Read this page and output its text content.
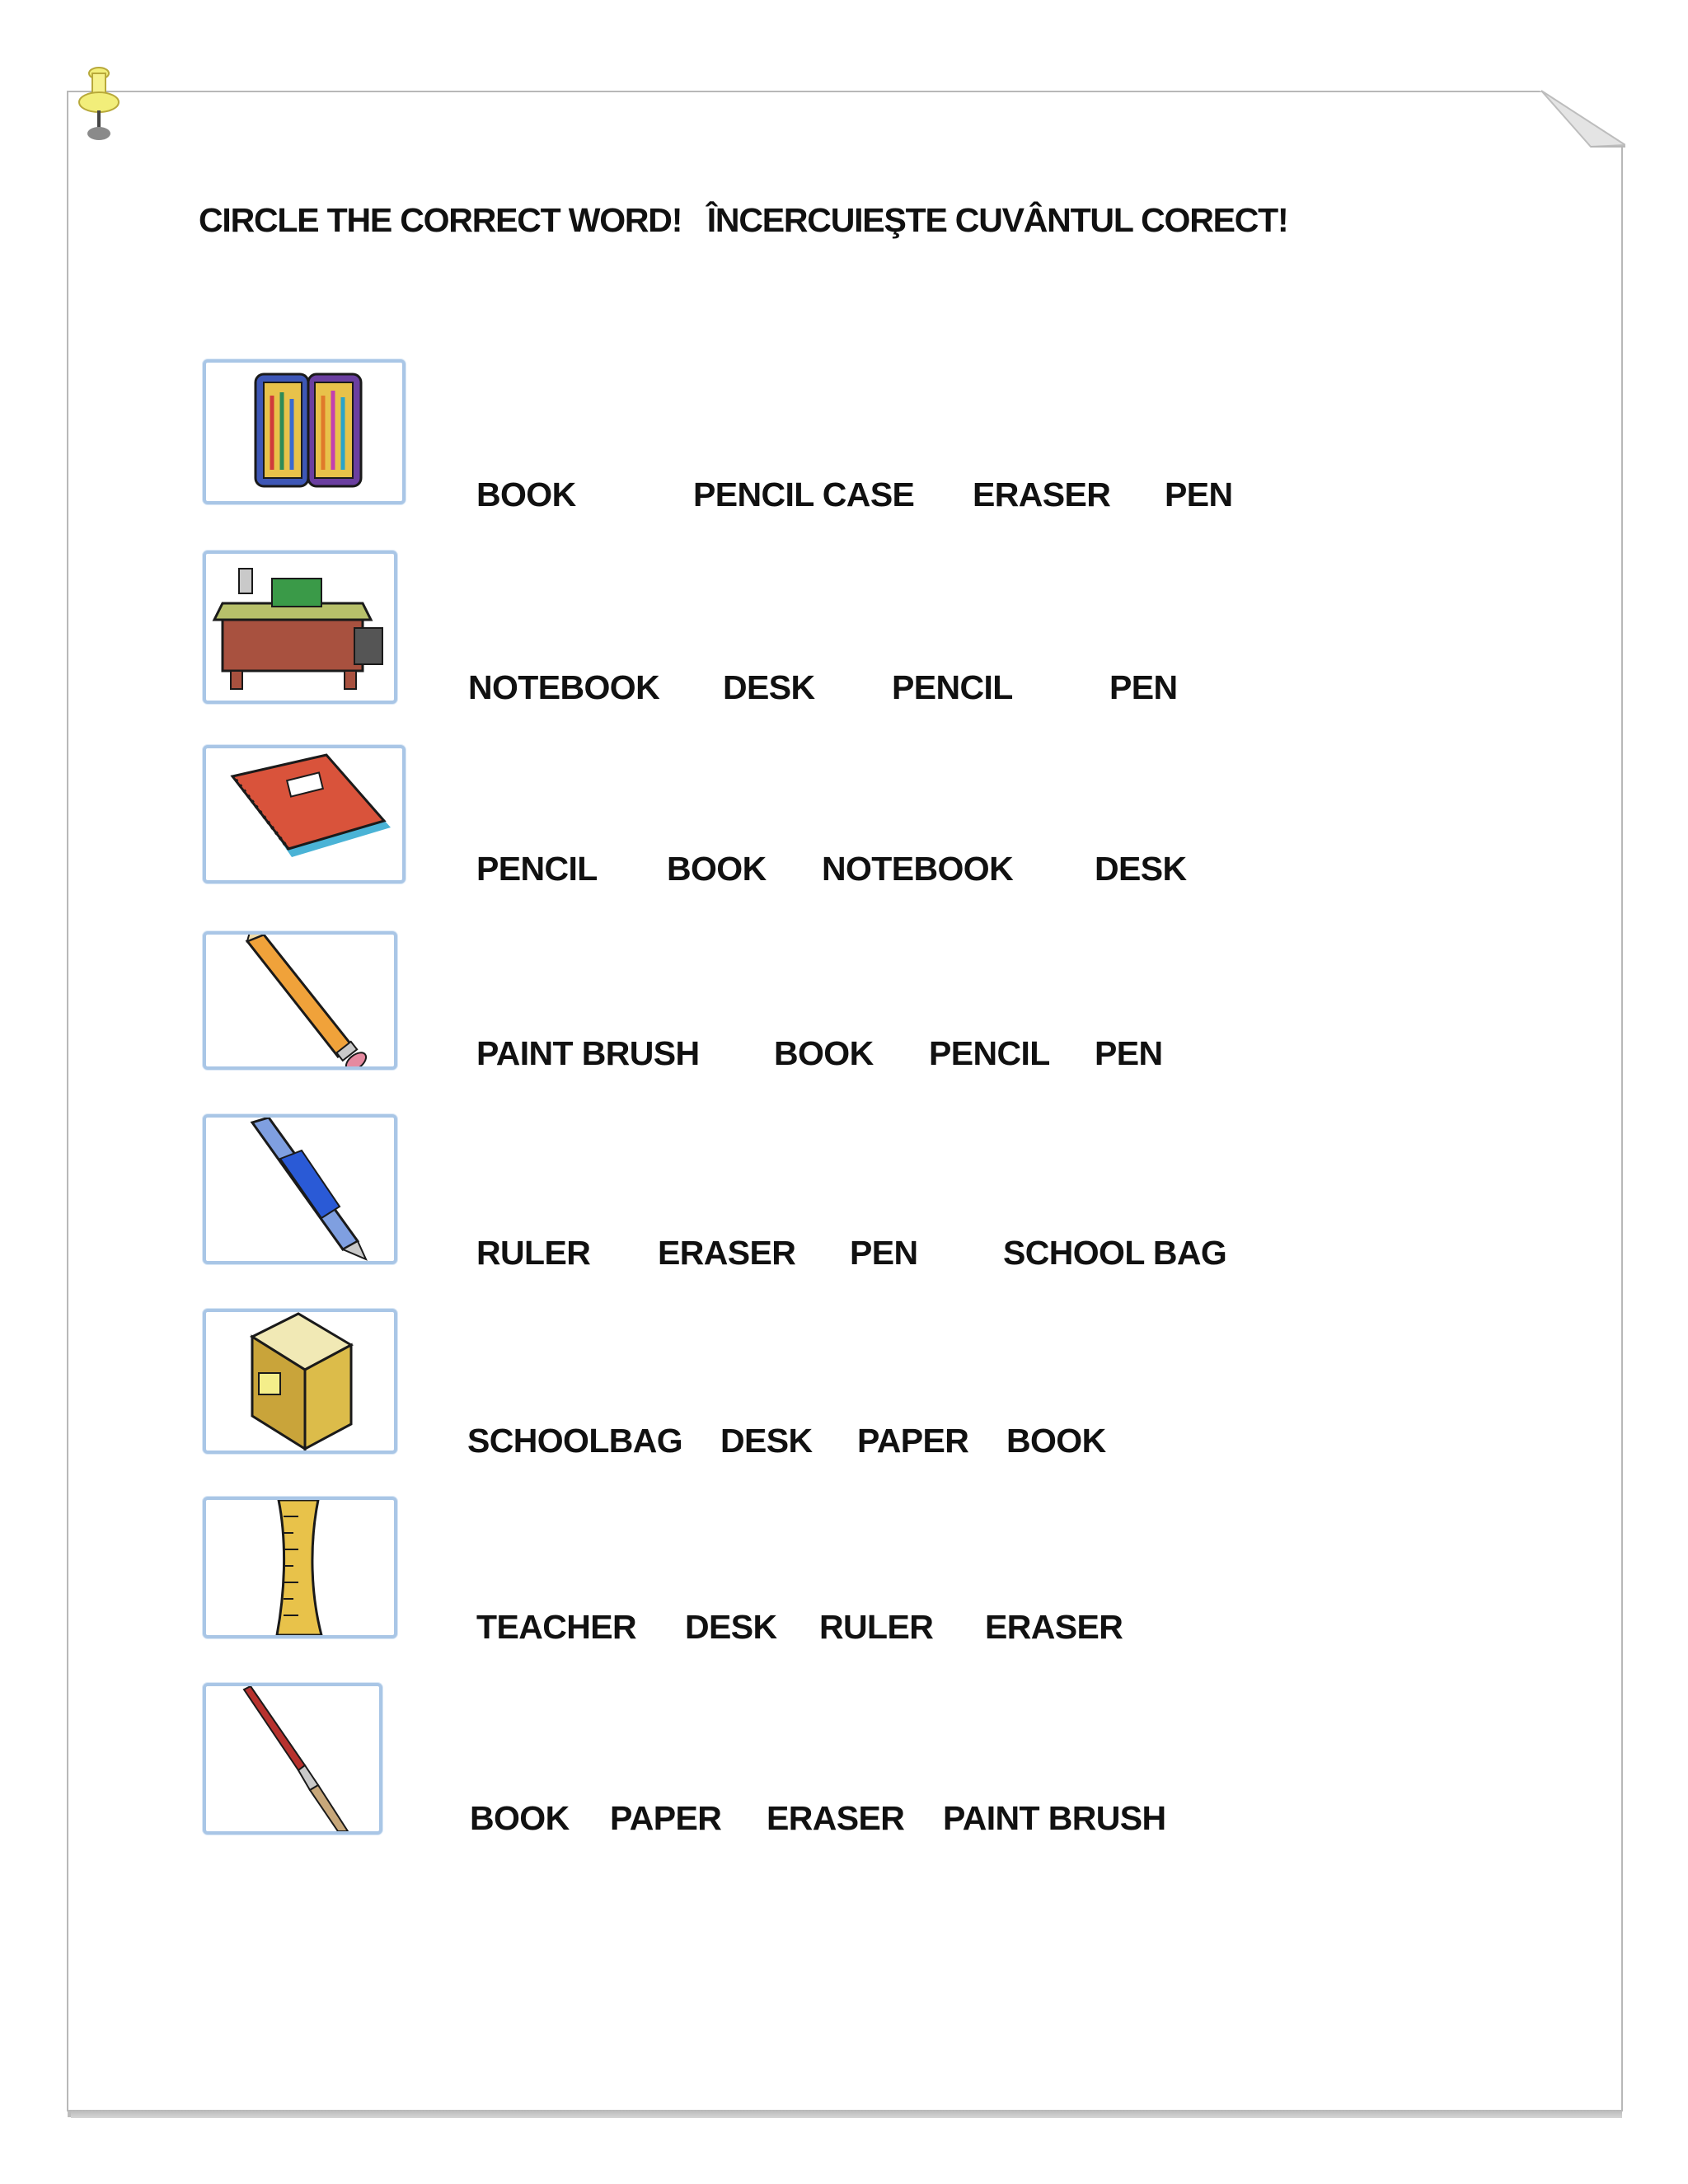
CIRCLE THE CORRECT WORD!   ÎNCERCUIEŞTE CUVÂNTUL CORECT!
BOOK	PENCIL CASE ERASER PEN
NOTEBOOK DESK PENCIL	PEN
PENCIL BOOK NOTEBOOK DESK
PAINT BRUSH BOOK PENCIL PEN
RULER ERASER PEN	SCHOOL BAG
SCHOOLBAG DESK PAPER BOOK
TEACHER DESK RULER ERASER
BOOK PAPER ERASER PAINT BRUSH
